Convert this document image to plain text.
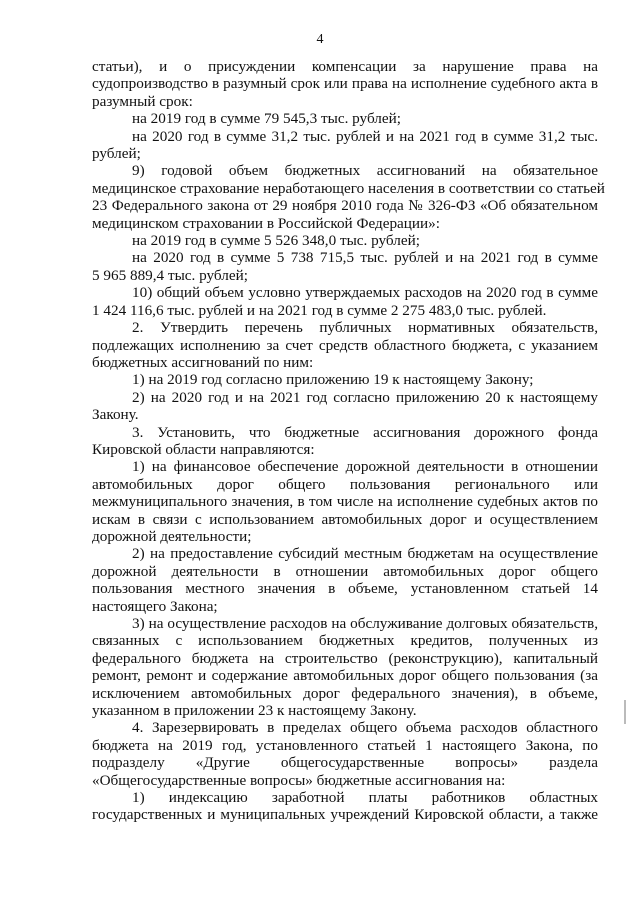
4
статьи), и о присуждении компенсации за нарушение права на
судопроизводство в разумный срок или права на исполнение судебного акта в
разумный срок:
на 2019 год в сумме 79 545,3 тыс. рублей;
на 2020 год в сумме 31,2 тыс. рублей и на 2021 год в сумме 31,2 тыс.
рублей;
9) годовой объем бюджетных ассигнований на обязательное
медицинское страхование неработающего населения в соответствии со статьей
23 Федерального закона от 29 ноября 2010 года № 326-ФЗ «Об обязательном
медицинском страховании в Российской Федерации»:
на 2019 год в сумме 5 526 348,0 тыс. рублей;
на 2020 год в сумме 5 738 715,5 тыс. рублей и на 2021 год в сумме
5 965 889,4 тыс. рублей;
10) общий объем условно утверждаемых расходов на 2020 год в сумме
1 424 116,6 тыс. рублей и на 2021 год в сумме 2 275 483,0 тыс. рублей.
2. Утвердить перечень публичных нормативных обязательств,
подлежащих исполнению за счет средств областного бюджета, с указанием
бюджетных ассигнований по ним:
1) на 2019 год согласно приложению 19 к настоящему Закону;
2) на 2020 год и на 2021 год согласно приложению 20 к настоящему
Закону.
3. Установить, что бюджетные ассигнования дорожного фонда
Кировской области направляются:
1) на финансовое обеспечение дорожной деятельности в отношении
автомобильных дорог общего пользования регионального или
межмуниципального значения, в том числе на исполнение судебных актов по
искам в связи с использованием автомобильных дорог и осуществлением
дорожной деятельности;
2) на предоставление субсидий местным бюджетам на осуществление
дорожной деятельности в отношении автомобильных дорог общего
пользования местного значения в объеме, установленном статьей 14
настоящего Закона;
3) на осуществление расходов на обслуживание долговых обязательств,
связанных с использованием бюджетных кредитов, полученных из
федерального бюджета на строительство (реконструкцию), капитальный
ремонт, ремонт и содержание автомобильных дорог общего пользования (за
исключением автомобильных дорог федерального значения), в объеме,
указанном в приложении 23 к настоящему Закону.
4. Зарезервировать в пределах общего объема расходов областного
бюджета на 2019 год, установленного статьей 1 настоящего Закона, по
подразделу «Другие общегосударственные вопросы» раздела
«Общегосударственные вопросы» бюджетные ассигнования на:
1) индексацию заработной платы работников областных
государственных и муниципальных учреждений Кировской области, а также
